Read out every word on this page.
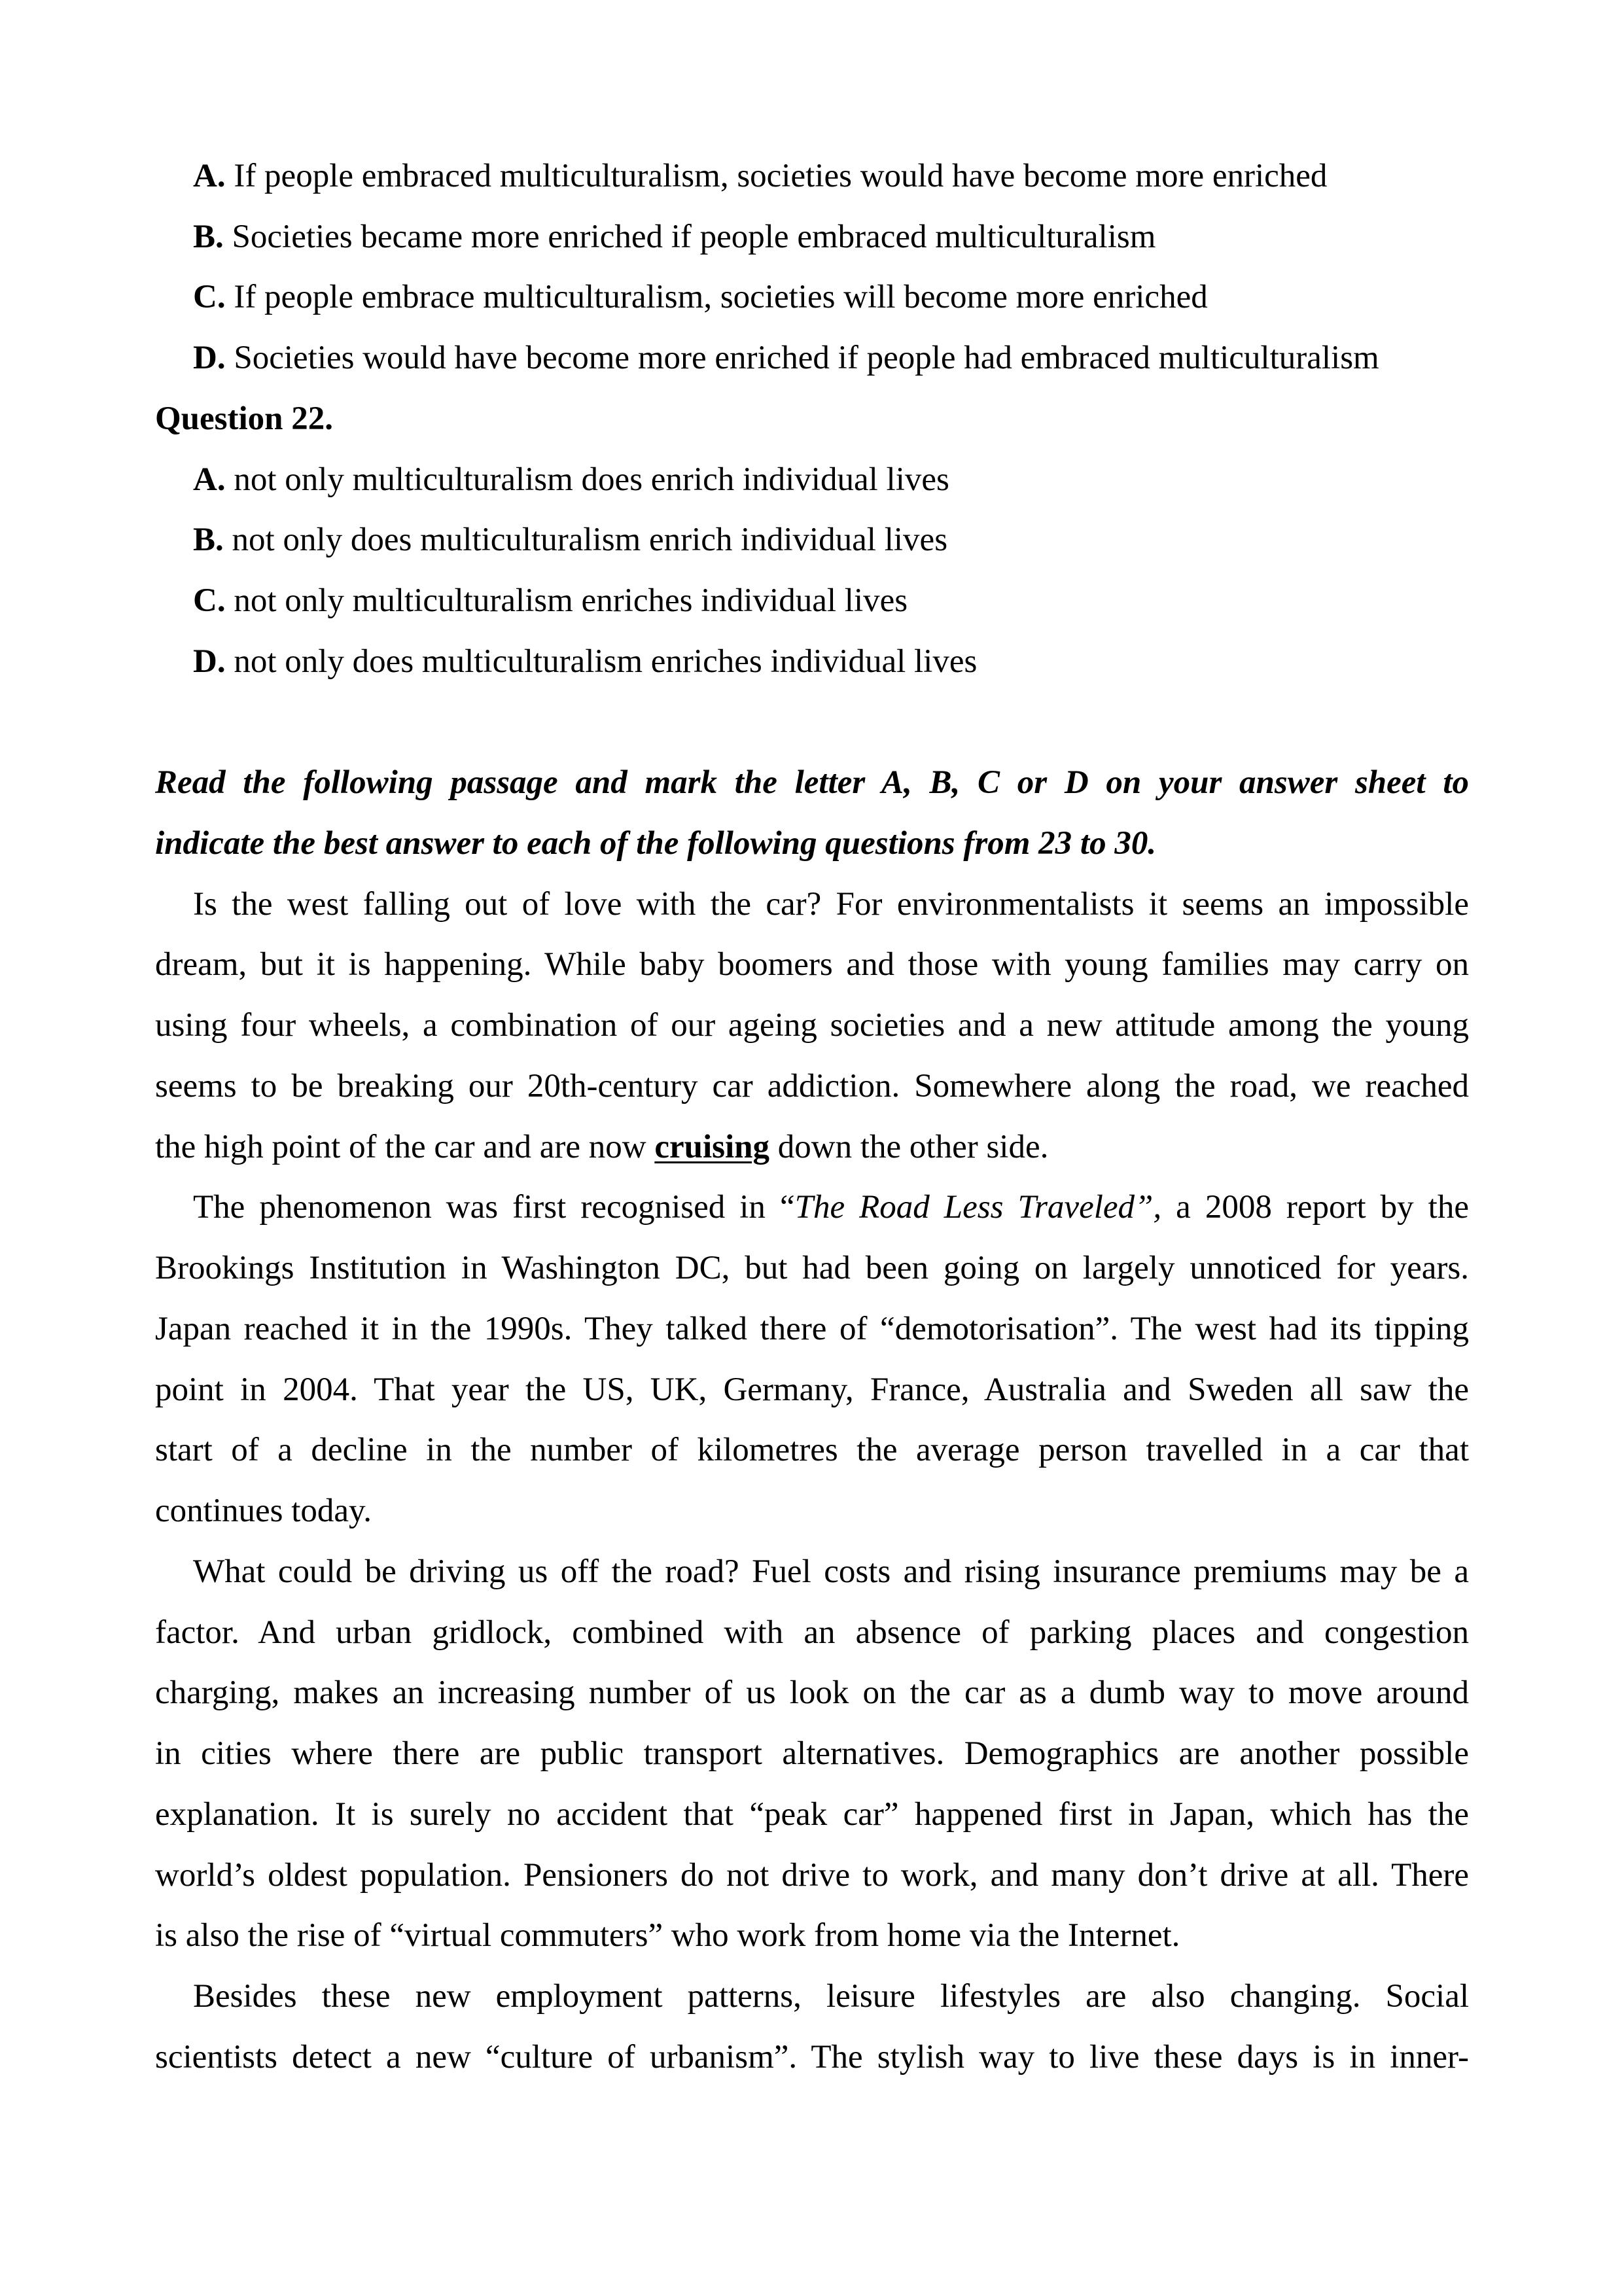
A. If people embraced multiculturalism, societies would have become more enriched
B. Societies became more enriched if people embraced multiculturalism
C. If people embrace multiculturalism, societies will become more enriched
D. Societies would have become more enriched if people had embraced multiculturalism
Question 22.
A. not only multiculturalism does enrich individual lives
B. not only does multiculturalism enrich individual lives
C. not only multiculturalism enriches individual lives
D. not only does multiculturalism enriches individual lives
Read the following passage and mark the letter A, B, C or D on your answer sheet to
indicate the best answer to each of the following questions from 23 to 30.
Is the west falling out of love with the car? For environmentalists it seems an impossible
dream, but it is happening. While baby boomers and those with young families may carry on
using four wheels, a combination of our ageing societies and a new attitude among the young
seems to be breaking our 20th-century car addiction. Somewhere along the road, we reached
the high point of the car and are now cruising down the other side.
The phenomenon was first recognised in “The Road Less Traveled”, a 2008 report by the
Brookings Institution in Washington DC, but had been going on largely unnoticed for years.
Japan reached it in the 1990s. They talked there of “demotorisation”. The west had its tipping
point in 2004. That year the US, UK, Germany, France, Australia and Sweden all saw the
start of a decline in the number of kilometres the average person travelled in a car that
continues today.
What could be driving us off the road? Fuel costs and rising insurance premiums may be a
factor. And urban gridlock, combined with an absence of parking places and congestion
charging, makes an increasing number of us look on the car as a dumb way to move around
in cities where there are public transport alternatives. Demographics are another possible
explanation. It is surely no accident that “peak car” happened first in Japan, which has the
world’s oldest population. Pensioners do not drive to work, and many don’t drive at all. There
is also the rise of “virtual commuters” who work from home via the Internet.
Besides these new employment patterns, leisure lifestyles are also changing. Social
scientists detect a new “culture of urbanism”. The stylish way to live these days is in inner-
